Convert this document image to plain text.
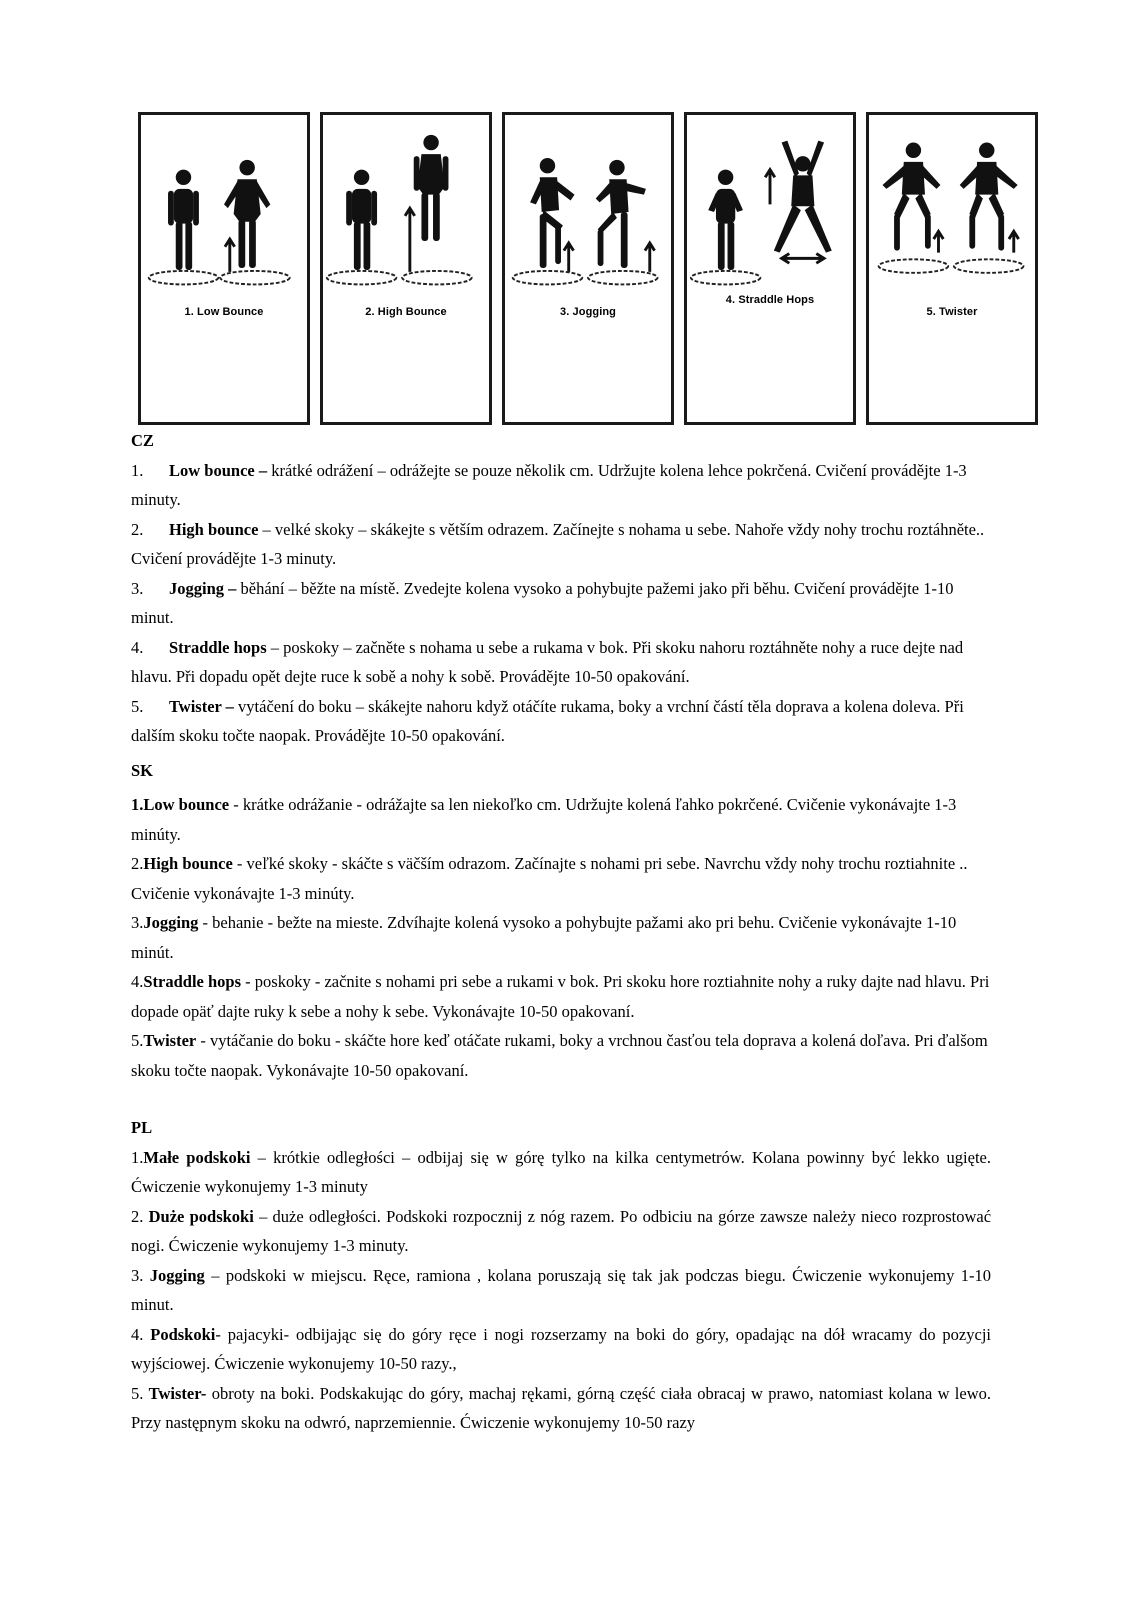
1. Low Bounce	2. High Bounce	3. Jogging
4. Straddle Hops
5. Twister

CZ

1. Low bounce – krátké odrážení – odrážejte se pouze několik cm. Udržujte kolena lehce pokrčená. Cvičení provádějte 1-3 minuty.

2. High bounce – velké skoky – skákejte s větším odrazem. Začínejte s nohama u sebe. Nahoře vždy nohy trochu roztáhněte.. Cvičení provádějte 1-3 minuty.

3. Jogging – běhání – běžte na místě. Zvedejte kolena vysoko a pohybujte pažemi jako při běhu. Cvičení provádějte 1-10 minut.

4. Straddle hops – poskoky – začněte s nohama u sebe a rukama v bok. Při skoku nahoru roztáhněte nohy a ruce dejte nad hlavu. Při dopadu opět dejte ruce k sobě a nohy k sobě. Provádějte 10-50 opakování.

5. Twister – vytáčení do boku – skákejte nahoru když otáčíte rukama, boky a vrchní částí těla doprava a kolena doleva. Při dalším skoku točte naopak. Provádějte 10-50 opakování.

SK

1.Low bounce - krátke odrážanie - odrážajte sa len niekoľko cm. Udržujte kolená ľahko pokrčené. Cvičenie vykonávajte 1-3 minúty.

2.High bounce - veľké skoky - skáčte s väčším odrazom. Začínajte s nohami pri sebe. Navrchu vždy nohy trochu roztiahnite .. Cvičenie vykonávajte 1-3 minúty.

3.Jogging - behanie - bežte na mieste. Zdvíhajte kolená vysoko a pohybujte pažami ako pri behu. Cvičenie vykonávajte 1-10 minút.

4.Straddle hops - poskoky - začnite s nohami pri sebe a rukami v bok. Pri skoku hore roztiahnite nohy a ruky dajte nad hlavu. Pri dopade opäť dajte ruky k sebe a nohy k sebe. Vykonávajte 10-50 opakovaní.

5.Twister - vytáčanie do boku - skáčte hore keď otáčate rukami, boky a vrchnou časťou tela doprava a kolená doľava. Pri ďalšom skoku točte naopak. Vykonávajte 10-50 opakovaní.

PL

1.Małe podskoki – krótkie odległości – odbijaj się w górę tylko na kilka centymetrów. Kolana powinny być lekko ugięte. Ćwiczenie wykonujemy 1-3 minuty

2. Duże podskoki – duże odległości. Podskoki rozpocznij z nóg razem. Po odbiciu na górze zawsze należy nieco rozprostować nogi. Ćwiczenie wykonujemy 1-3 minuty.

3. Jogging – podskoki w miejscu. Ręce, ramiona , kolana poruszają się tak jak podczas biegu. Ćwiczenie wykonujemy 1-10 minut.

4. Podskoki- pajacyki- odbijając się do góry ręce i nogi rozserzamy na boki do góry, opadając na dół wracamy do pozycji wyjściowej. Ćwiczenie wykonujemy 10-50 razy.,

5. Twister- obroty na boki. Podskakując do góry, machaj rękami, górną część ciała obracaj w prawo, natomiast kolana w lewo. Przy następnym skoku na odwró, naprzemiennie. Ćwiczenie wykonujemy 10-50 razy
